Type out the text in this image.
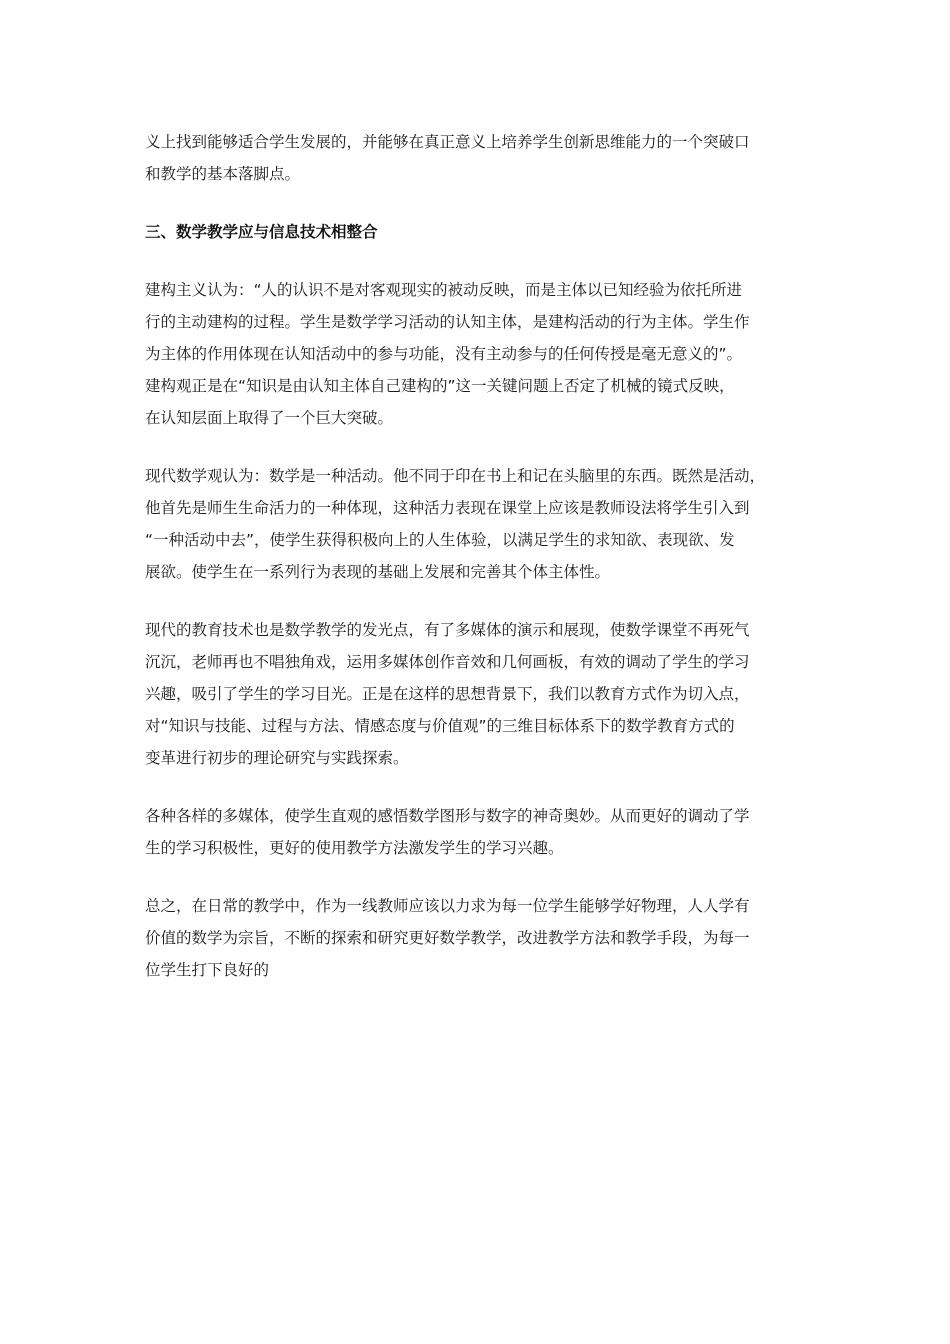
义上找到能够适合学生发展的，并能够在真正意义上培养学生创新思维能力的一个突破口
和教学的基本落脚点。

三、数学教学应与信息技术相整合

建构主义认为：“人的认识不是对客观现实的被动反映，而是主体以已知经验为依托所进
行的主动建构的过程。学生是数学学习活动的认知主体，是建构活动的行为主体。学生作
为主体的作用体现在认知活动中的参与功能，没有主动参与的任何传授是毫无意义的”。
建构观正是在“知识是由认知主体自己建构的”这一关键问题上否定了机械的镜式反映，
在认知层面上取得了一个巨大突破。

现代数学观认为：数学是一种活动。他不同于印在书上和记在头脑里的东西。既然是活动，
他首先是师生生命活力的一种体现，这种活力表现在课堂上应该是教师设法将学生引入到
“一种活动中去”，使学生获得积极向上的人生体验，以满足学生的求知欲、表现欲、发
展欲。使学生在一系列行为表现的基础上发展和完善其个体主体性。

现代的教育技术也是数学教学的发光点，有了多媒体的演示和展现，使数学课堂不再死气
沉沉，老师再也不唱独角戏，运用多媒体创作音效和几何画板，有效的调动了学生的学习
兴趣，吸引了学生的学习目光。正是在这样的思想背景下，我们以教育方式作为切入点，
对“知识与技能、过程与方法、情感态度与价值观”的三维目标体系下的数学教育方式的
变革进行初步的理论研究与实践探索。

各种各样的多媒体，使学生直观的感悟数学图形与数字的神奇奥妙。从而更好的调动了学
生的学习积极性，更好的使用教学方法激发学生的学习兴趣。

总之，在日常的教学中，作为一线教师应该以力求为每一位学生能够学好物理，人人学有
价值的数学为宗旨，不断的探索和研究更好数学教学，改进教学方法和教学手段，为每一
位学生打下良好的
